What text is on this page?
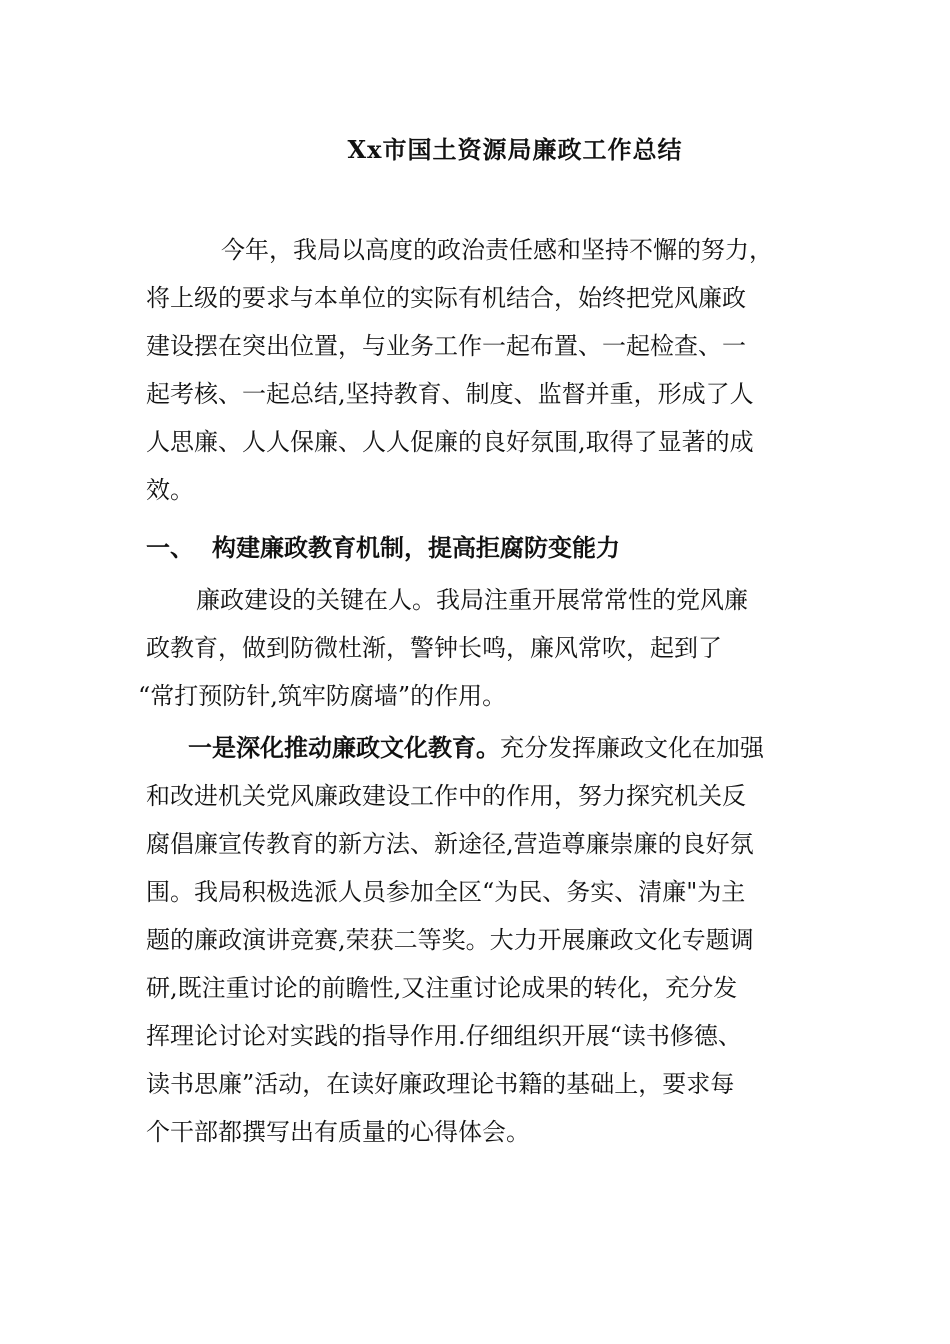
Xx市国土资源局廉政工作总结
今年，我局以高度的政治责任感和坚持不懈的努力，
将上级的要求与本单位的实际有机结合，始终把党风廉政
建设摆在突出位置，与业务工作一起布置、一起检查、一
起考核、一起总结,坚持教育、制度、监督并重，形成了人
人思廉、人人保廉、人人促廉的良好氛围,取得了显著的成
效。
一、 构建廉政教育机制，提高拒腐防变能力
廉政建设的关键在人。我局注重开展常常性的党风廉
政教育，做到防微杜渐，警钟长鸣，廉风常吹，起到了
“常打预防针,筑牢防腐墙”的作用。
一是深化推动廉政文化教育。充分发挥廉政文化在加强
和改进机关党风廉政建设工作中的作用，努力探究机关反
腐倡廉宣传教育的新方法、新途径,营造尊廉崇廉的良好氛
围。我局积极选派人员参加全区“为民、务实、清廉"为主
题的廉政演讲竞赛,荣获二等奖。大力开展廉政文化专题调
研,既注重讨论的前瞻性,又注重讨论成果的转化，充分发
挥理论讨论对实践的指导作用.仔细组织开展“读书修德、
读书思廉”活动，在读好廉政理论书籍的基础上，要求每
个干部都撰写出有质量的心得体会。
